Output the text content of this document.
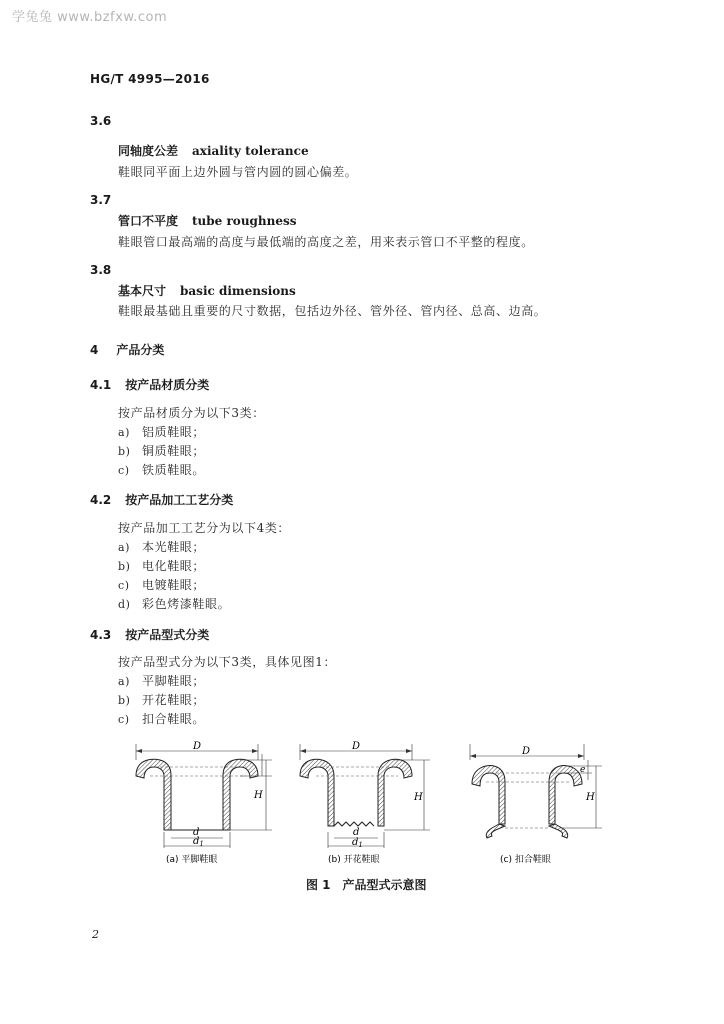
学兔兔 www.bzfxw.com
HG/T 4995—2016
3.6
同轴度公差 axiality tolerance
鞋眼同平面上边外圆与管内圆的圆心偏差。
3.7
管口不平度 tube roughness
鞋眼管口最高端的高度与最低端的高度之差，用来表示管口不平整的程度。
3.8
基本尺寸 basic dimensions
鞋眼最基础且重要的尺寸数据，包括边外径、管外径、管内径、总高、边高。
4 产品分类
4.1 按产品材质分类
按产品材质分为以下3类：
a) 铝质鞋眼；
b) 铜质鞋眼；
c) 铁质鞋眼。
4.2 按产品加工工艺分类
按产品加工工艺分为以下4类：
a) 本光鞋眼；
b) 电化鞋眼；
c) 电镀鞋眼；
d) 彩色烤漆鞋眼。
4.3 按产品型式分类
按产品型式分为以下3类，具体见图1：
a) 平脚鞋眼；
b) 开花鞋眼；
c) 扣合鞋眼。
D
H
d
$d_1$
D
H
d
$d_1$
D
e
H
(a) 平脚鞋眼	(b) 开花鞋眼	(c) 扣合鞋眼
图 1 产品型式示意图
2
